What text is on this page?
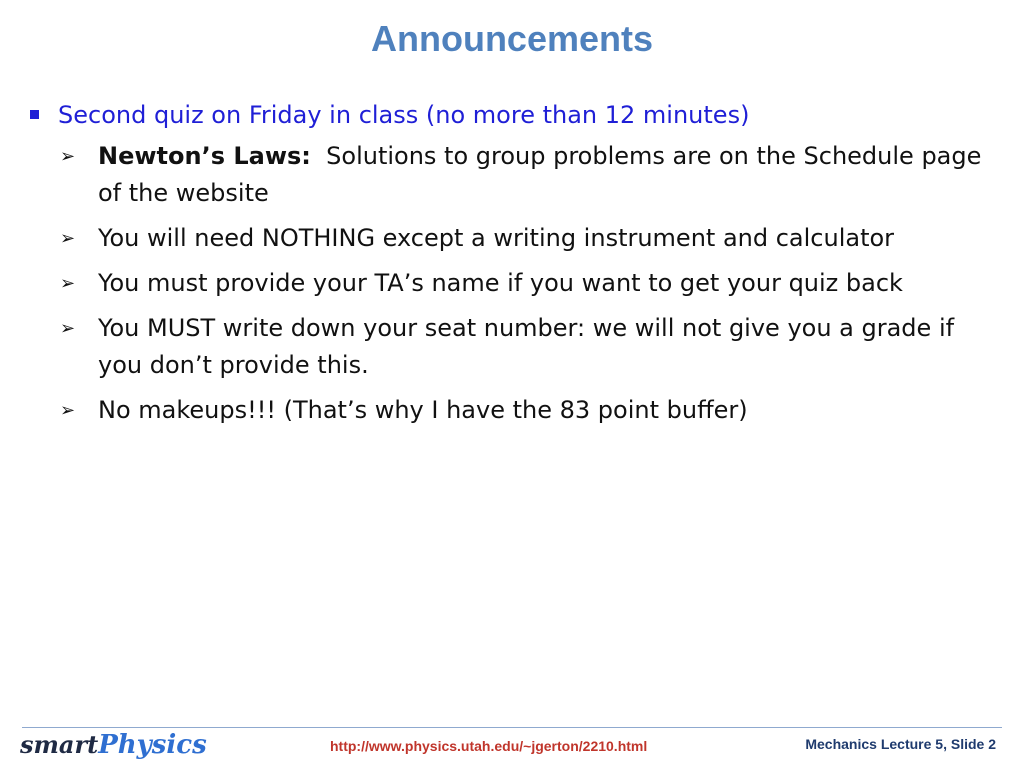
Announcements
Second quiz on Friday in class (no more than 12 minutes)
➢ Newton’s Laws:  Solutions to group problems are on the Schedule page of the website
➢ You will need NOTHING except a writing instrument and calculator
➢ You must provide your TA’s name if you want to get your quiz back
➢ You MUST write down your seat number: we will not give you a grade if you don’t provide this.
➢ No makeups!!! (That’s why I have the 83 point buffer)
smartPhysics	http://www.physics.utah.edu/~jgerton/2210.html	Mechanics Lecture 5, Slide 2
